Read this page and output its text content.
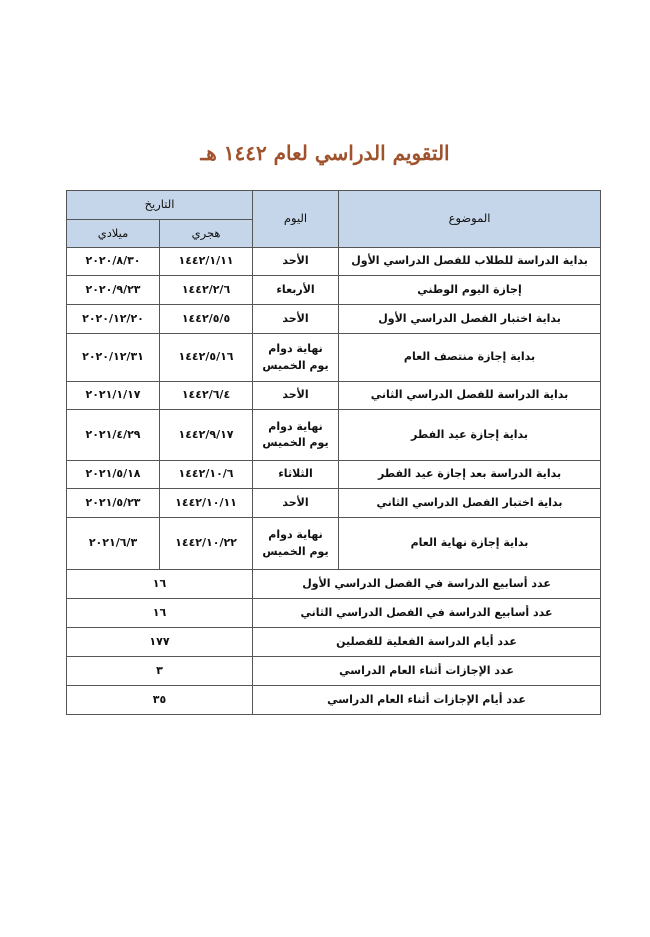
التقويم الدراسي لعام ١٤٤٢ هـ
الموضوع	اليوم	التاريخ	
		هجري	ميلادي
بداية الدراسة للطلاب للفصل الدراسي الأول	الأحد	١٤٤٢/١/١١	٢٠٢٠/٨/٣٠
إجازة اليوم الوطني	الأربعاء	١٤٤٢/٢/٦	٢٠٢٠/٩/٢٣
بداية اختبار الفصل الدراسي الأول	الأحد	١٤٤٢/٥/٥	٢٠٢٠/١٢/٢٠
بداية إجازة منتصف العام	نهاية دوام يوم الخميس	١٤٤٢/٥/١٦	٢٠٢٠/١٢/٣١
بداية الدراسة للفصل الدراسي الثاني	الأحد	١٤٤٢/٦/٤	٢٠٢١/١/١٧
بداية إجازة عيد الفطر	نهاية دوام يوم الخميس	١٤٤٢/٩/١٧	٢٠٢١/٤/٢٩
بداية الدراسة بعد إجازة عيد الفطر	الثلاثاء	١٤٤٢/١٠/٦	٢٠٢١/٥/١٨
بداية اختبار الفصل الدراسي الثاني	الأحد	١٤٤٢/١٠/١١	٢٠٢١/٥/٢٣
بداية إجازة نهاية العام	نهاية دوام يوم الخميس	١٤٤٢/١٠/٢٢	٢٠٢١/٦/٣
عدد أسابيع الدراسة في الفصل الدراسي الأول		١٦	
عدد أسابيع الدراسة في الفصل الدراسي الثاني		١٦	
عدد أيام الدراسة الفعلية للفصلين		١٧٧	
عدد الإجازات أثناء العام الدراسي		٣	
عدد أيام الإجازات أثناء العام الدراسي		٣٥	
